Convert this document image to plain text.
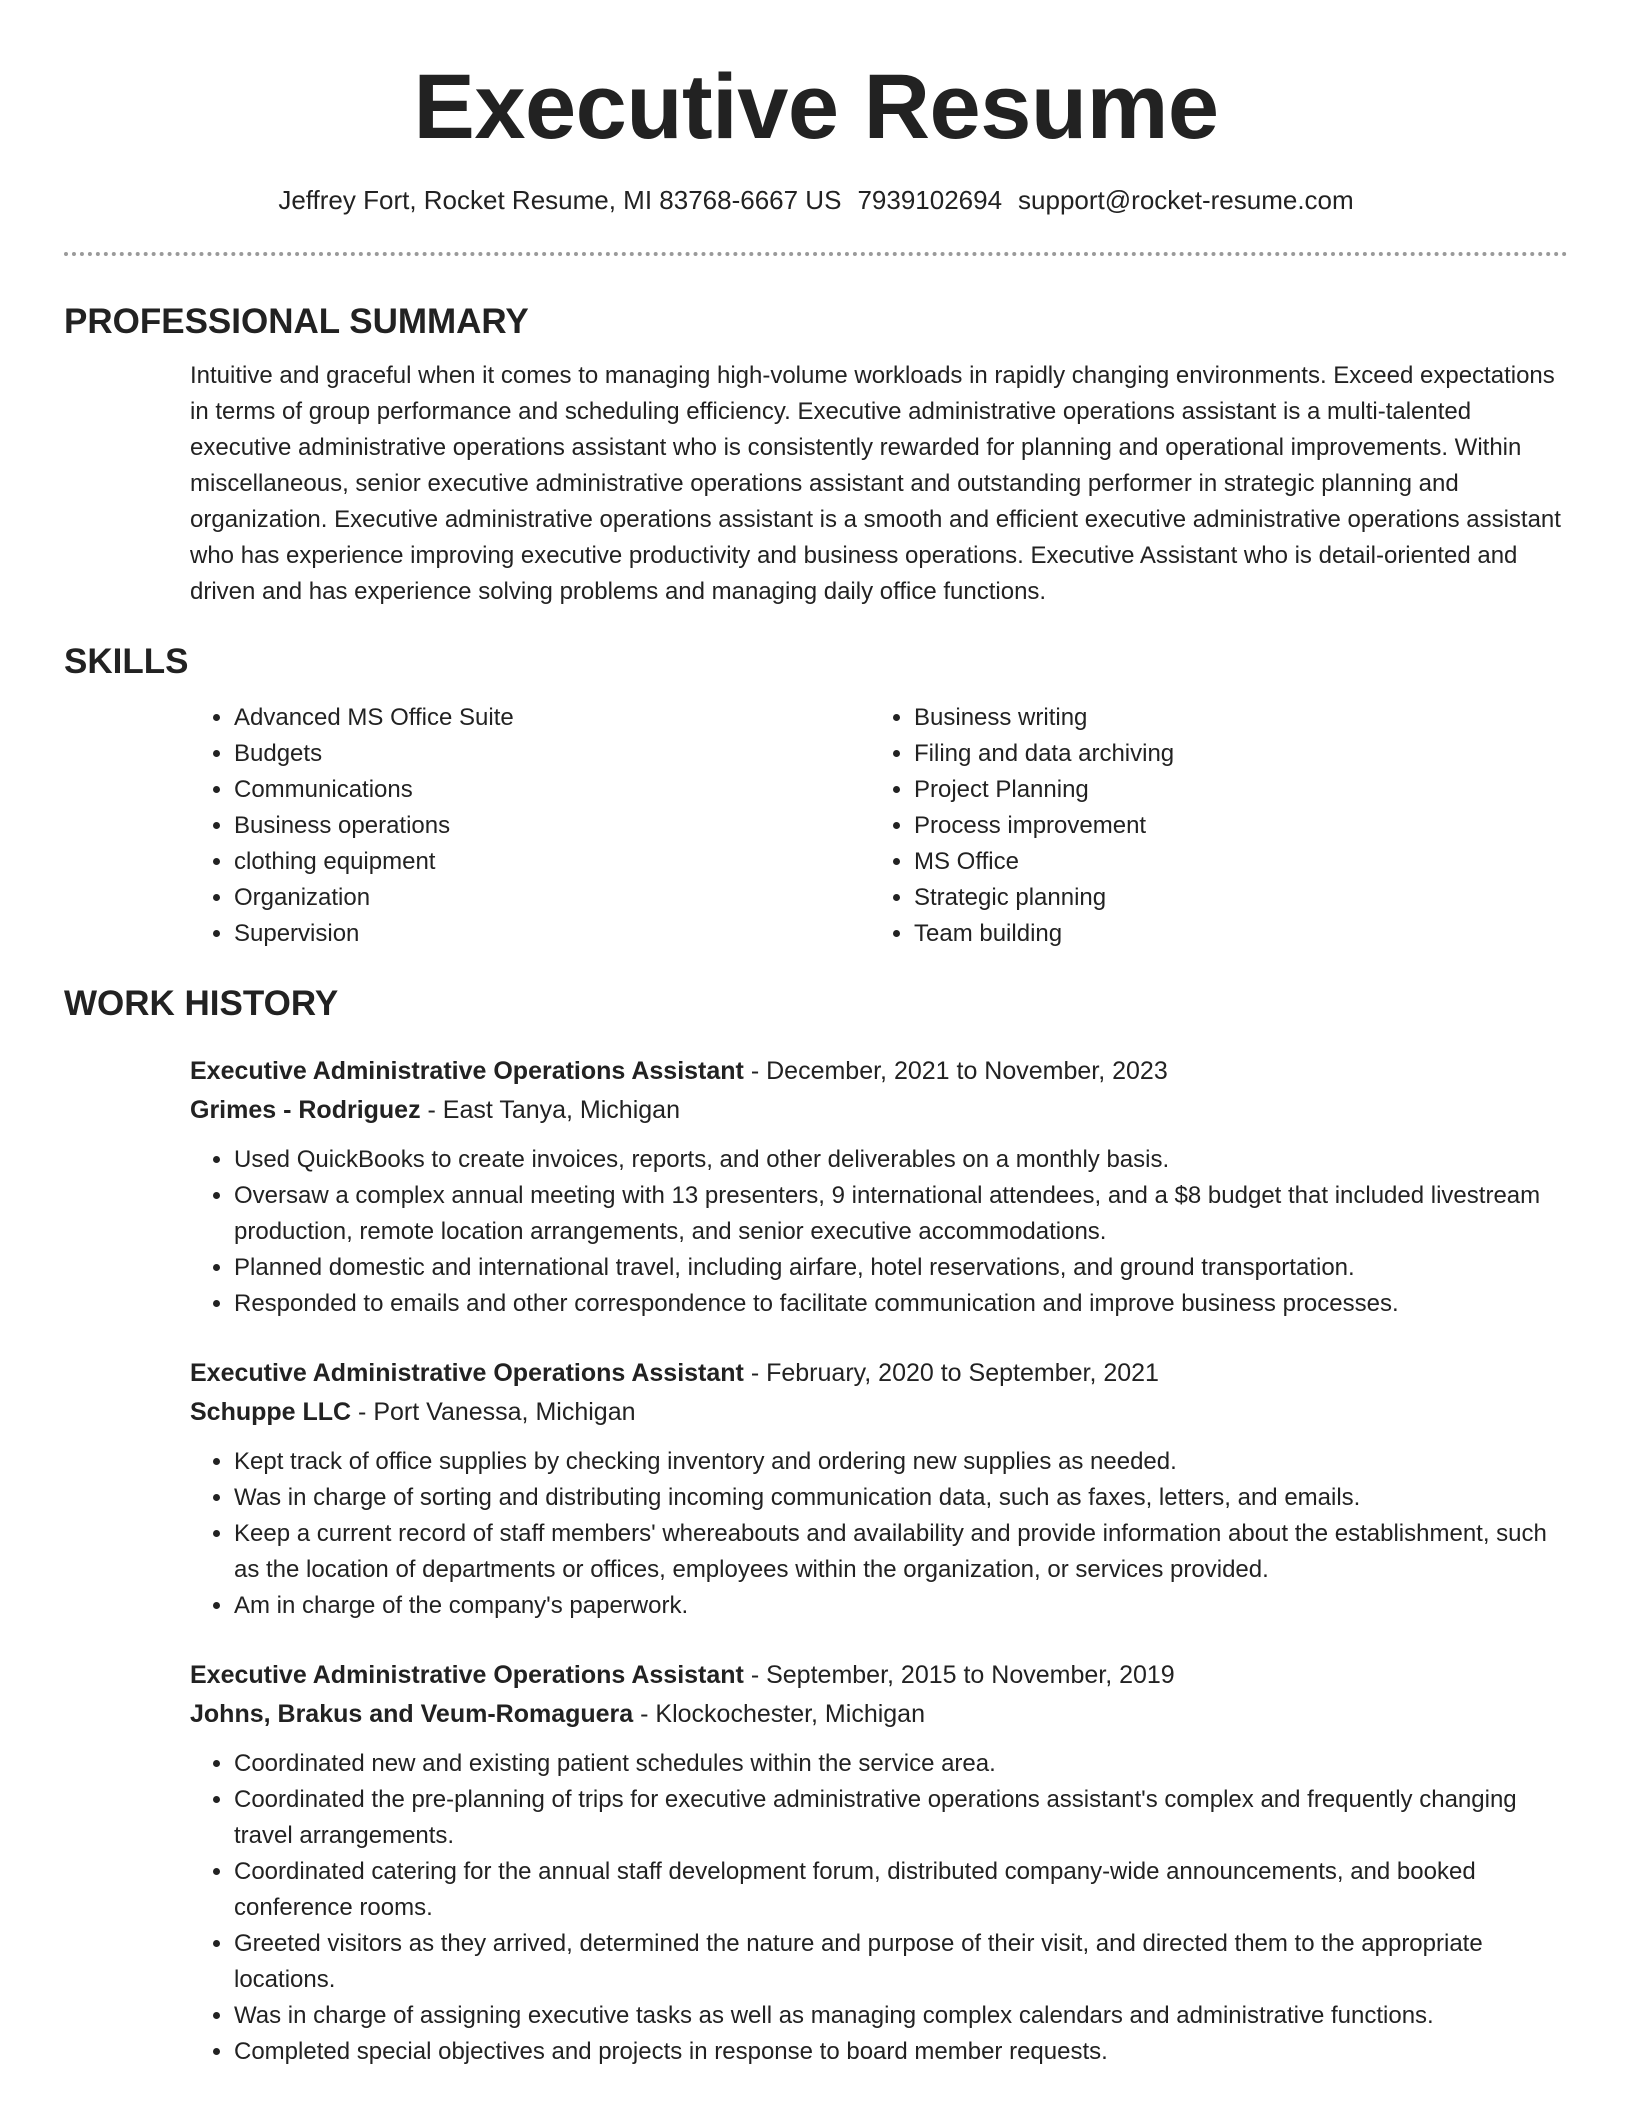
Executive Resume
Jeffrey Fort, Rocket Resume, MI 83768-6667 US 7939102694 support@rocket-resume.com
PROFESSIONAL SUMMARY

Intuitive and graceful when it comes to managing high-volume workloads in rapidly changing environments. Exceed expectations in terms of group performance and scheduling efficiency. Executive administrative operations assistant is a multi-talented executive administrative operations assistant who is consistently rewarded for planning and operational improvements. Within miscellaneous, senior executive administrative operations assistant and outstanding performer in strategic planning and organization. Executive administrative operations assistant is a smooth and efficient executive administrative operations assistant who has experience improving executive productivity and business operations. Executive Assistant who is detail-oriented and driven and has experience solving problems and managing daily office functions.

SKILLS
• Advanced MS Office Suite
• Budgets
• Communications
• Business operations
• clothing equipment
• Organization
• Supervision
• Business writing
• Filing and data archiving
• Project Planning
• Process improvement
• MS Office
• Strategic planning
• Team building
WORK HISTORY
Executive Administrative Operations Assistant - December, 2021 to November, 2023
Grimes - Rodriguez - East Tanya, Michigan
• Used QuickBooks to create invoices, reports, and other deliverables on a monthly basis.
• Oversaw a complex annual meeting with 13 presenters, 9 international attendees, and a $8 budget that included livestream production, remote location arrangements, and senior executive accommodations.
• Planned domestic and international travel, including airfare, hotel reservations, and ground transportation.
• Responded to emails and other correspondence to facilitate communication and improve business processes.
Executive Administrative Operations Assistant - February, 2020 to September, 2021
Schuppe LLC - Port Vanessa, Michigan
• Kept track of office supplies by checking inventory and ordering new supplies as needed.
• Was in charge of sorting and distributing incoming communication data, such as faxes, letters, and emails.
• Keep a current record of staff members' whereabouts and availability and provide information about the establishment, such as the location of departments or offices, employees within the organization, or services provided.
• Am in charge of the company's paperwork.
Executive Administrative Operations Assistant - September, 2015 to November, 2019
Johns, Brakus and Veum-Romaguera - Klockochester, Michigan
• Coordinated new and existing patient schedules within the service area.
• Coordinated the pre-planning of trips for executive administrative operations assistant's complex and frequently changing travel arrangements.
• Coordinated catering for the annual staff development forum, distributed company-wide announcements, and booked conference rooms.
• Greeted visitors as they arrived, determined the nature and purpose of their visit, and directed them to the appropriate locations.
• Was in charge of assigning executive tasks as well as managing complex calendars and administrative functions.
• Completed special objectives and projects in response to board member requests.
